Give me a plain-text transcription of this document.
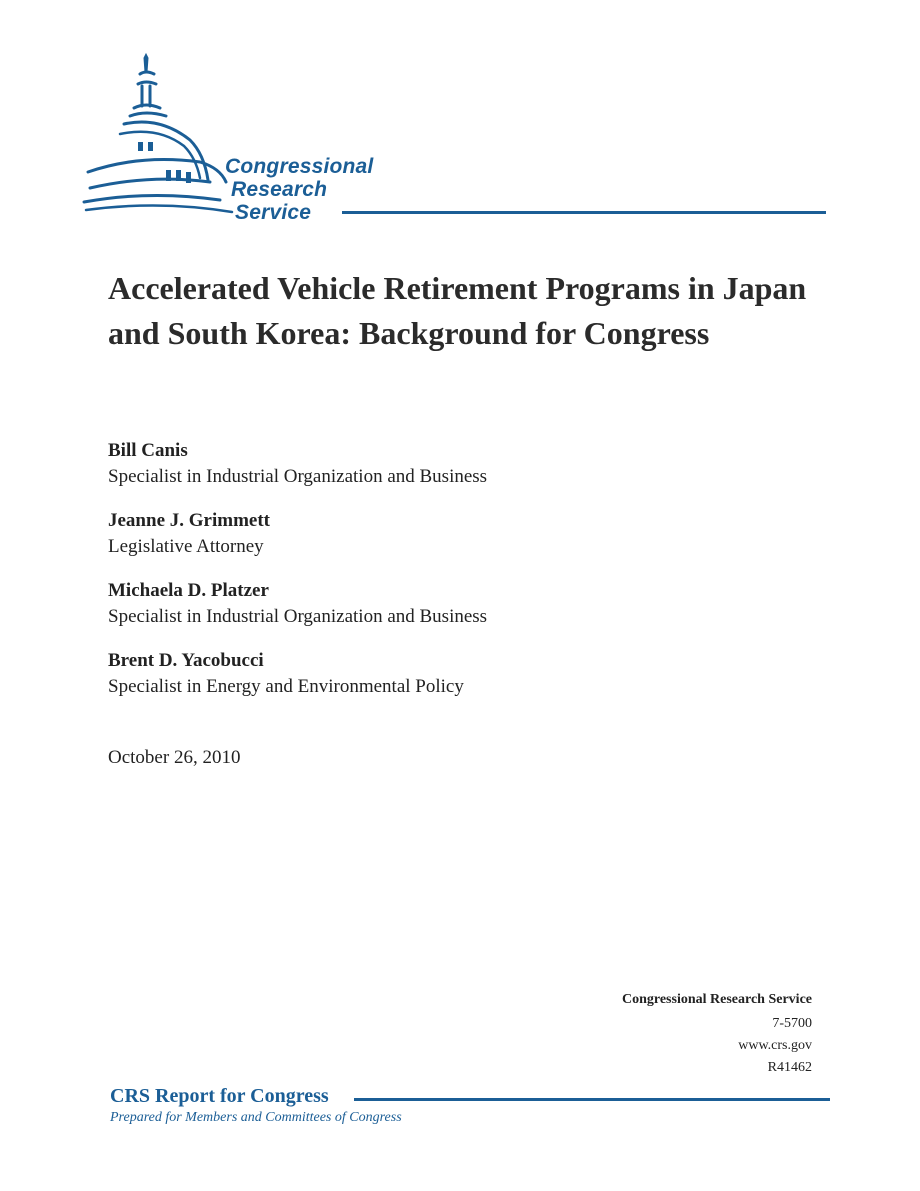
Congressional
Research
Service
Accelerated Vehicle Retirement Programs in Japan and South Korea: Background for Congress
Bill Canis
Specialist in Industrial Organization and Business
Jeanne J. Grimmett
Legislative Attorney
Michaela D. Platzer
Specialist in Industrial Organization and Business
Brent D. Yacobucci
Specialist in Energy and Environmental Policy
October 26, 2010
Congressional Research Service
7-5700
www.crs.gov
R41462
CRS Report for Congress
Prepared for Members and Committees of Congress
